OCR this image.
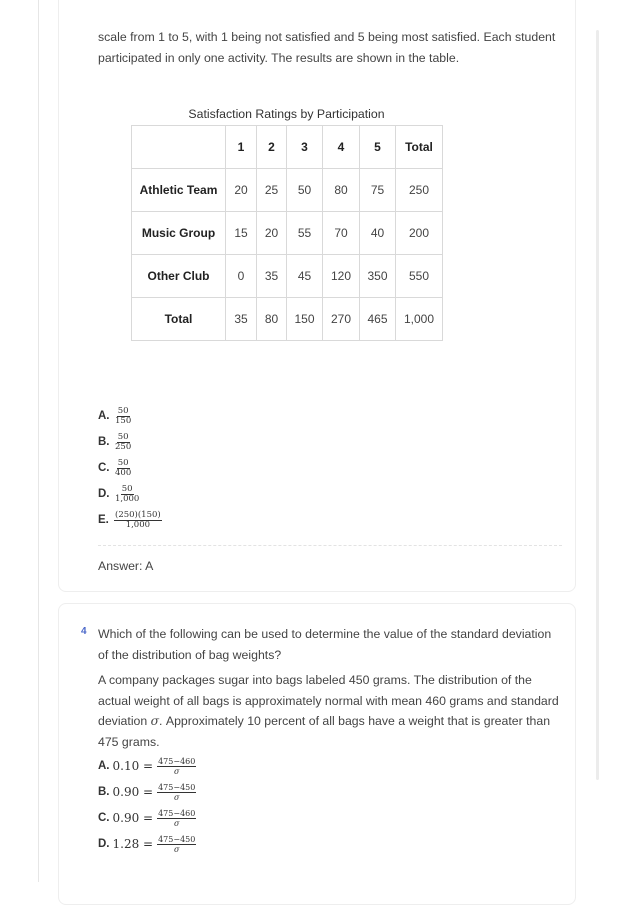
scale from 1 to 5, with 1 being not satisfied and 5 being most satisfied. Each student participated in only one activity. The results are shown in the table.
Satisfaction Ratings by Participation
	1	2	3	4	5	Total
Athletic Team	20	25	50	80	75	250
Music Group	15	20	55	70	40	200
Other Club	0	35	45	120	350	550
Total	35	80	150	270	465	1,000
A. $\frac{50}{150}$
B. $\frac{50}{250}$
C. $\frac{50}{400}$
D. $\frac{50}{1,000}$
E. $\frac{(250)(150)}{1,000}$
Answer: A
4 Which of the following can be used to determine the value of the standard deviation of the distribution of bag weights?
A company packages sugar into bags labeled 450 grams. The distribution of the actual weight of all bags is approximately normal with mean 460 grams and standard deviation σ. Approximately 10 percent of all bags have a weight that is greater than 475 grams.
A. $0.10 = \frac{475-460}{\sigma}$
B. $0.90 = \frac{475-450}{\sigma}$
C. $0.90 = \frac{475-460}{\sigma}$
D. $1.28 = \frac{475-450}{\sigma}$
